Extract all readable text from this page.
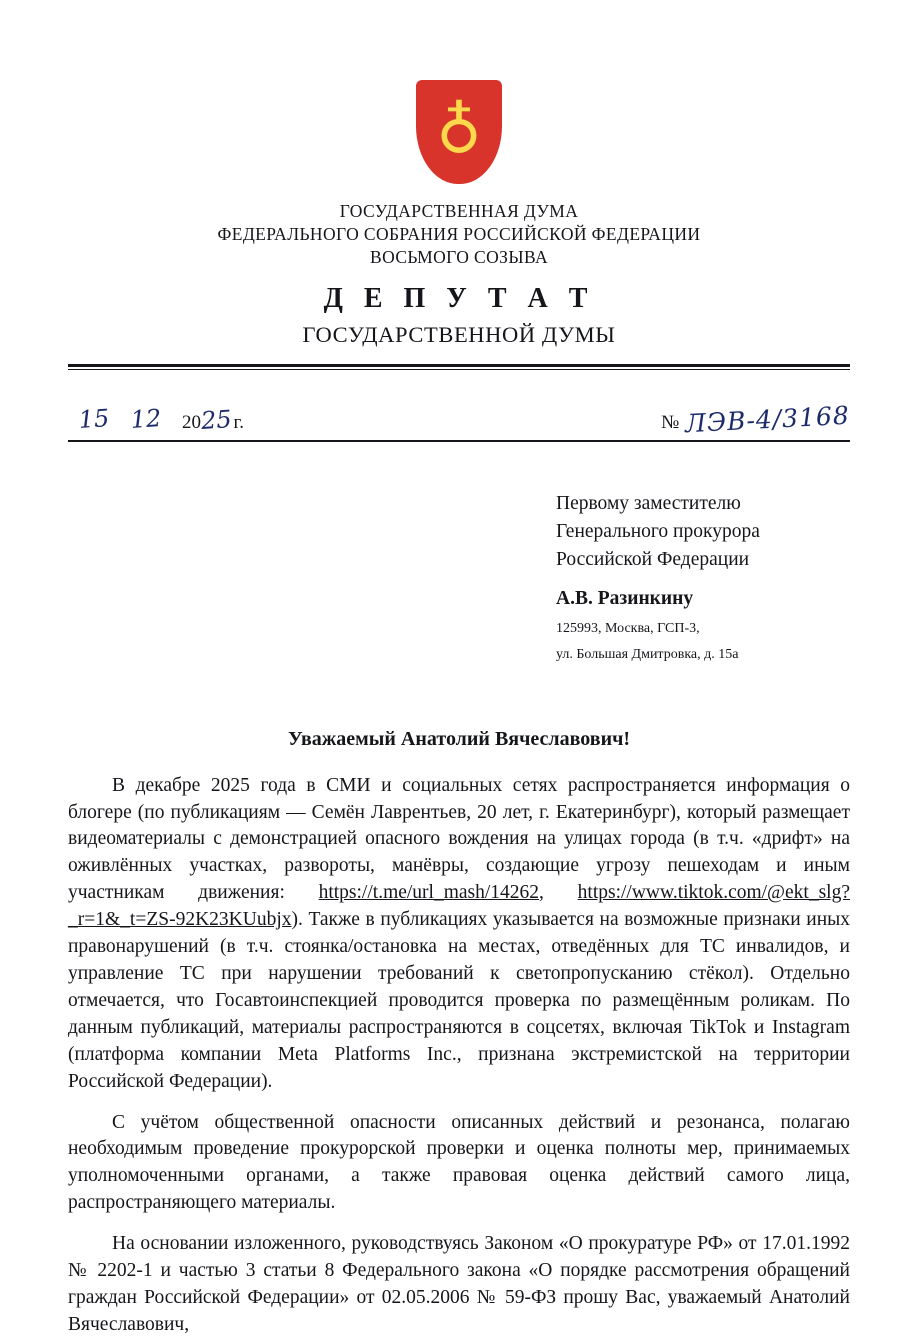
♁
ГОСУДАРСТВЕННАЯ ДУМА
ФЕДЕРАЛЬНОГО СОБРАНИЯ РОССИЙСКОЙ ФЕДЕРАЦИИ
ВОСЬМОГО СОЗЫВА
Д Е П У Т А Т
ГОСУДАРСТВЕННОЙ ДУМЫ
15 12	20 25 г.	№ ЛЭВ-4/3168
Первому заместителю
Генерального прокурора
Российской Федерации
А.В. Разинкину
125993, Москва, ГСП-3,
ул. Большая Дмитровка, д. 15а
Уважаемый Анатолий Вячеславович!

В декабре 2025 года в СМИ и социальных сетях распространяется информация о блогере (по публикациям — Семён Лаврентьев, 20 лет, г. Екатеринбург), который размещает видеоматериалы с демонстрацией опасного вождения на улицах города (в т.ч. «дрифт» на оживлённых участках, развороты, манёвры, создающие угрозу пешеходам и иным участникам движения: https://t.me/url_mash/14262, https://www.tiktok.com/@ekt_slg?_r=1&_t=ZS-92K23KUubjx). Также в публикациях указывается на возможные признаки иных правонарушений (в т.ч. стоянка/остановка на местах, отведённых для ТС инвалидов, и управление ТС при нарушении требований к светопропусканию стёкол). Отдельно отмечается, что Госавтоинспекцией проводится проверка по размещённым роликам. По данным публикаций, материалы распространяются в соцсетях, включая TikTok и Instagram (платформа компании Meta Platforms Inc., признана экстремистской на территории Российской Федерации).

С учётом общественной опасности описанных действий и резонанса, полагаю необходимым проведение прокурорской проверки и оценка полноты мер, принимаемых уполномоченными органами, а также правовая оценка действий самого лица, распространяющего материалы.

На основании изложенного, руководствуясь Законом «О прокуратуре РФ» от 17.01.1992 № 2202-1 и частью 3 статьи 8 Федерального закона «О порядке рассмотрения обращений граждан Российской Федерации» от 02.05.2006 № 59-ФЗ прошу Вас, уважаемый Анатолий Вячеславович,
